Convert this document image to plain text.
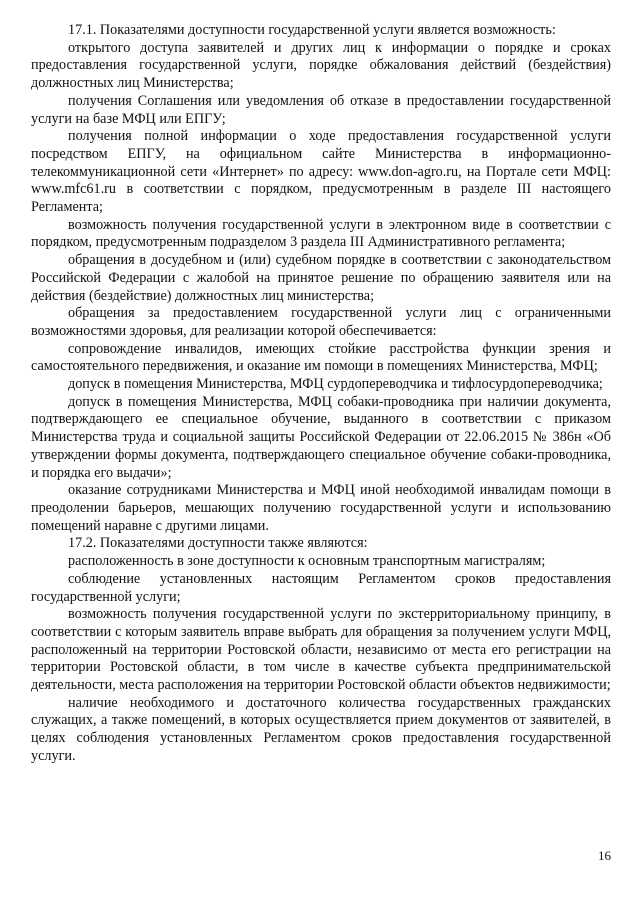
17.1. Показателями доступности государственной услуги является возможность:

открытого доступа заявителей и других лиц к информации о порядке и сроках предоставления государственной услуги, порядке обжалования действий (бездействия) должностных лиц Министерства;

получения Соглашения или уведомления об отказе в предоставлении государственной услуги на базе МФЦ или ЕПГУ;

получения полной информации о ходе предоставления государственной услуги посредством ЕПГУ, на официальном сайте Министерства в информационно-телекоммуникационной сети «Интернет» по адресу: www.don-agro.ru, на Портале сети МФЦ: www.mfc61.ru в соответствии с порядком, предусмотренным в разделе III настоящего Регламента;

возможность получения государственной услуги в электронном виде в соответствии с порядком, предусмотренным подразделом 3 раздела III Административного регламента;

обращения в досудебном и (или) судебном порядке в соответствии с законодательством Российской Федерации с жалобой на принятое решение по обращению заявителя или на действия (бездействие) должностных лиц министерства;

обращения за предоставлением государственной услуги лиц с ограниченными возможностями здоровья, для реализации которой обеспечивается:

сопровождение инвалидов, имеющих стойкие расстройства функции зрения и самостоятельного передвижения, и оказание им помощи в помещениях Министерства, МФЦ;

допуск в помещения Министерства, МФЦ сурдопереводчика и тифлосурдопереводчика;

допуск в помещения Министерства, МФЦ собаки-проводника при наличии документа, подтверждающего ее специальное обучение, выданного в соответствии с приказом Министерства труда и социальной защиты Российской Федерации от 22.06.2015 № 386н «Об утверждении формы документа, подтверждающего специальное обучение собаки-проводника, и порядка его выдачи»;

оказание сотрудниками Министерства и МФЦ иной необходимой инвалидам помощи в преодолении барьеров, мешающих получению государственной услуги и использованию помещений наравне с другими лицами.

17.2. Показателями доступности также являются:

расположенность в зоне доступности к основным транспортным магистралям;

соблюдение установленных настоящим Регламентом сроков предоставления государственной услуги;

возможность получения государственной услуги по экстерриториальному принципу, в соответствии с которым заявитель вправе выбрать для обращения за получением услуги МФЦ, расположенный на территории Ростовской области, независимо от места его регистрации на территории Ростовской области, в том числе в качестве субъекта предпринимательской деятельности, места расположения на территории Ростовской области объектов недвижимости;

наличие необходимого и достаточного количества государственных гражданских служащих, а также помещений, в которых осуществляется прием документов от заявителей, в целях соблюдения установленных Регламентом сроков предоставления государственной услуги.

16
